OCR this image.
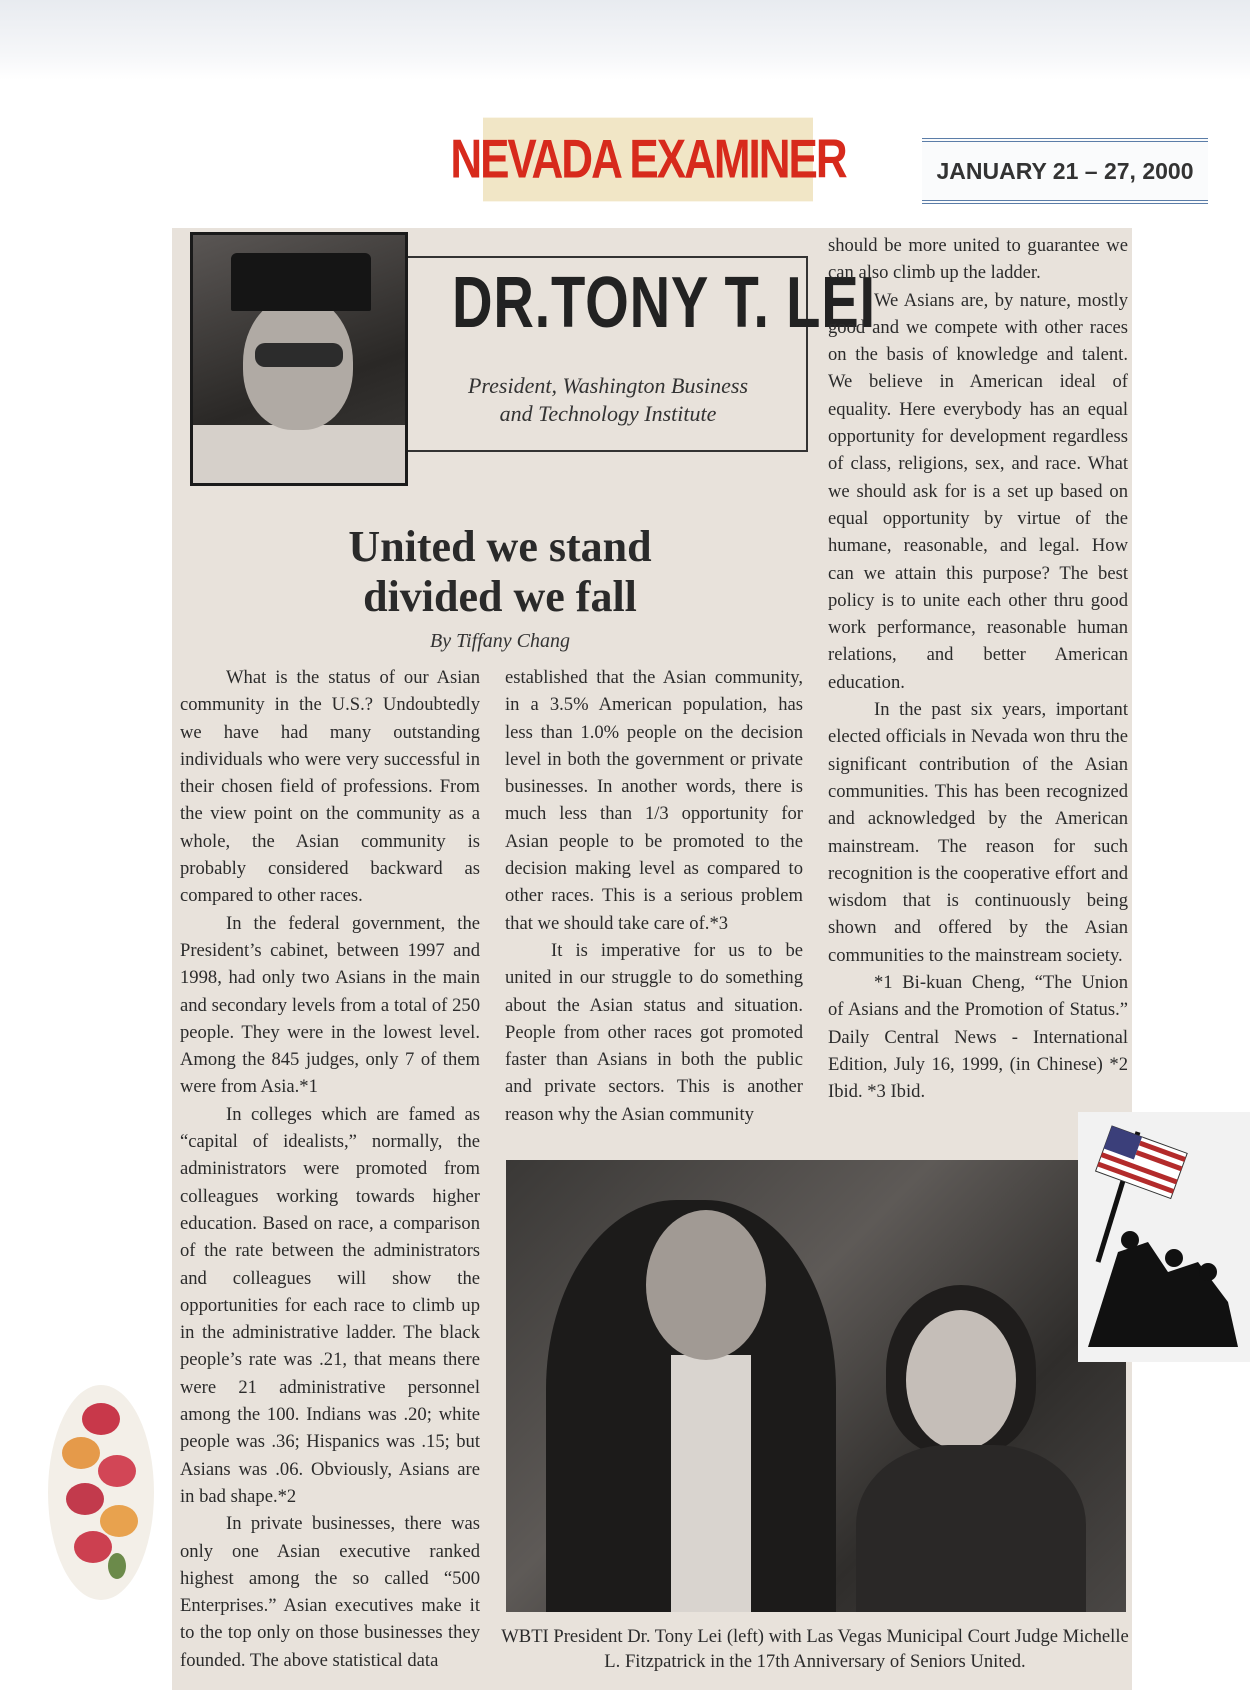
NEVADA EXAMINER	JANUARY 21 – 27, 2000
DR.TONY T. LEI
President, Washington Business
and Technology Institute
United we stand
divided we fall
By Tiffany Chang

What is the status of our Asian community in the U.S.? Undoubtedly we have had many outstanding individuals who were very successful in their chosen field of professions. From the view point on the community as a whole, the Asian community is probably considered backward as compared to other races.

In the federal government, the President’s cabinet, between 1997 and 1998, had only two Asians in the main and secondary levels from a total of 250 people. They were in the lowest level. Among the 845 judges, only 7 of them were from Asia.*1

In colleges which are famed as “capital of idealists,” normally, the administrators were promoted from colleagues working towards higher education. Based on race, a comparison of the rate between the administrators and colleagues will show the opportunities for each race to climb up in the administrative ladder. The black people’s rate was .21, that means there were 21 administrative personnel among the 100. Indians was .20; white people was .36; Hispanics was .15; but Asians was .06. Obviously, Asians are in bad shape.*2

In private businesses, there was only one Asian executive ranked highest among the so called “500 Enterprises.” Asian executives make it to the top only on those businesses they founded. The above statistical data

established that the Asian community, in a 3.5% American population, has less than 1.0% people on the decision level in both the government or private businesses. In another words, there is much less than 1/3 opportunity for Asian people to be promoted to the decision making level as compared to other races. This is a serious problem that we should take care of.*3

It is imperative for us to be united in our struggle to do something about the Asian status and situation. People from other races got promoted faster than Asians in both the public and private sectors. This is another reason why the Asian community

should be more united to guarantee we can also climb up the ladder.

We Asians are, by nature, mostly good and we compete with other races on the basis of knowledge and talent. We believe in American ideal of equality. Here everybody has an equal opportunity for development regardless of class, religions, sex, and race. What we should ask for is a set up based on equal opportunity by virtue of the humane, reasonable, and legal. How can we attain this purpose? The best policy is to unite each other thru good work performance, reasonable human relations, and better American education.

In the past six years, important elected officials in Nevada won thru the significant contribution of the Asian communities. This has been recognized and acknowledged by the American mainstream. The reason for such recognition is the cooperative effort and wisdom that is continuously being shown and offered by the Asian communities to the mainstream society.

*1 Bi-kuan Cheng, “The Union of Asians and the Promotion of Status.” Daily Central News - International Edition, July 16, 1999, (in Chinese) *2 Ibid. *3 Ibid.

WBTI President Dr. Tony Lei (left) with Las Vegas Municipal Court Judge Michelle L. Fitzpatrick in the 17th Anniversary of Seniors United.
